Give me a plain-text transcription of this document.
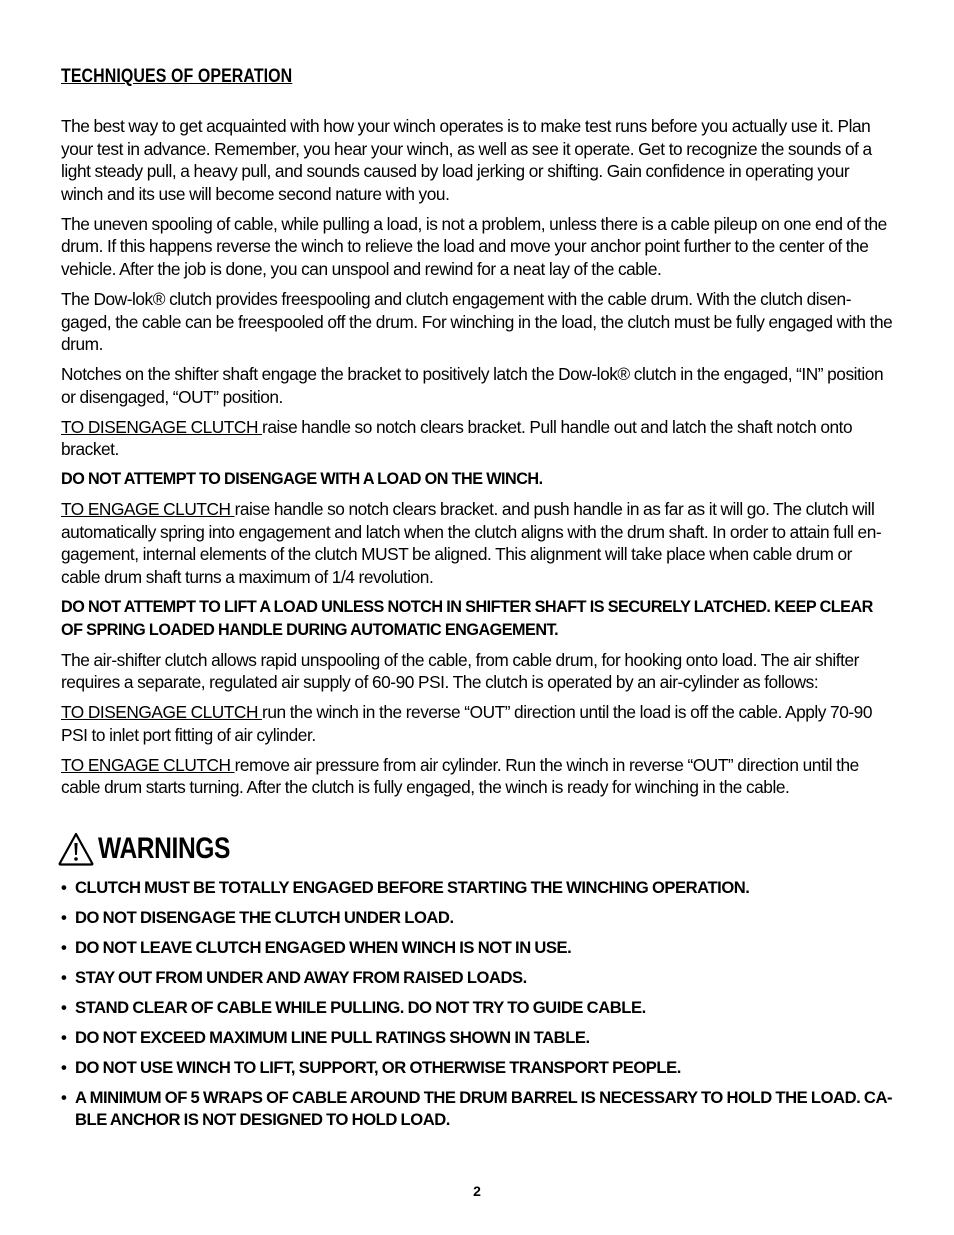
TECHNIQUES OF OPERATION

The best way to get acquainted with how your winch operates is to make test runs before you actually use it. Plan your test in advance. Remember, you hear your winch, as well as see it operate. Get to recognize the sounds of a light steady pull, a heavy pull, and sounds caused by load jerking or shifting. Gain confidence in operating your winch and its use will become second nature with you.

The uneven spooling of cable, while pulling a load, is not a problem, unless there is a cable pileup on one end of the drum. If this happens reverse the winch to relieve the load and move your anchor point further to the center of the vehicle. After the job is done, you can unspool and rewind for a neat lay of the cable.

The Dow-lok® clutch provides freespooling and clutch engagement with the cable drum. With the clutch disen-gaged, the cable can be freespooled off the drum. For winching in the load, the clutch must be fully engaged with the drum.

Notches on the shifter shaft engage the bracket to positively latch the Dow-lok® clutch in the engaged, “IN” position or disengaged, “OUT” position.

TO DISENGAGE CLUTCH raise handle so notch clears bracket. Pull handle out and latch the shaft notch onto bracket.

DO NOT ATTEMPT TO DISENGAGE WITH A LOAD ON THE WINCH.

TO ENGAGE CLUTCH raise handle so notch clears bracket. and push handle in as far as it will go. The clutch will automatically spring into engagement and latch when the clutch aligns with the drum shaft. In order to attain full en-gagement, internal elements of the clutch MUST be aligned. This alignment will take place when cable drum or cable drum shaft turns a maximum of 1/4 revolution.

DO NOT ATTEMPT TO LIFT A LOAD UNLESS NOTCH IN SHIFTER SHAFT IS SECURELY LATCHED. KEEP CLEAR OF SPRING LOADED HANDLE DURING AUTOMATIC ENGAGEMENT.

The air-shifter clutch allows rapid unspooling of the cable, from cable drum, for hooking onto load. The air shifter requires a separate, regulated air supply of 60-90 PSI. The clutch is operated by an air-cylinder as follows:

TO DISENGAGE CLUTCH run the winch in the reverse “OUT” direction until the load is off the cable. Apply 70-90 PSI to inlet port fitting of air cylinder.

TO ENGAGE CLUTCH remove air pressure from air cylinder. Run the winch in reverse “OUT” direction until the cable drum starts turning. After the clutch is fully engaged, the winch is ready for winching in the cable.

WARNINGS
• CLUTCH MUST BE TOTALLY ENGAGED BEFORE STARTING THE WINCHING OPERATION.
• DO NOT DISENGAGE THE CLUTCH UNDER LOAD.
• DO NOT LEAVE CLUTCH ENGAGED WHEN WINCH IS NOT IN USE.
• STAY OUT FROM UNDER AND AWAY FROM RAISED LOADS.
• STAND CLEAR OF CABLE WHILE PULLING. DO NOT TRY TO GUIDE CABLE.
• DO NOT EXCEED MAXIMUM LINE PULL RATINGS SHOWN IN TABLE.
• DO NOT USE WINCH TO LIFT, SUPPORT, OR OTHERWISE TRANSPORT PEOPLE.
• A MINIMUM OF 5 WRAPS OF CABLE AROUND THE DRUM BARREL IS NECESSARY TO HOLD THE LOAD. CA-BLE ANCHOR IS NOT DESIGNED TO HOLD LOAD.
2
